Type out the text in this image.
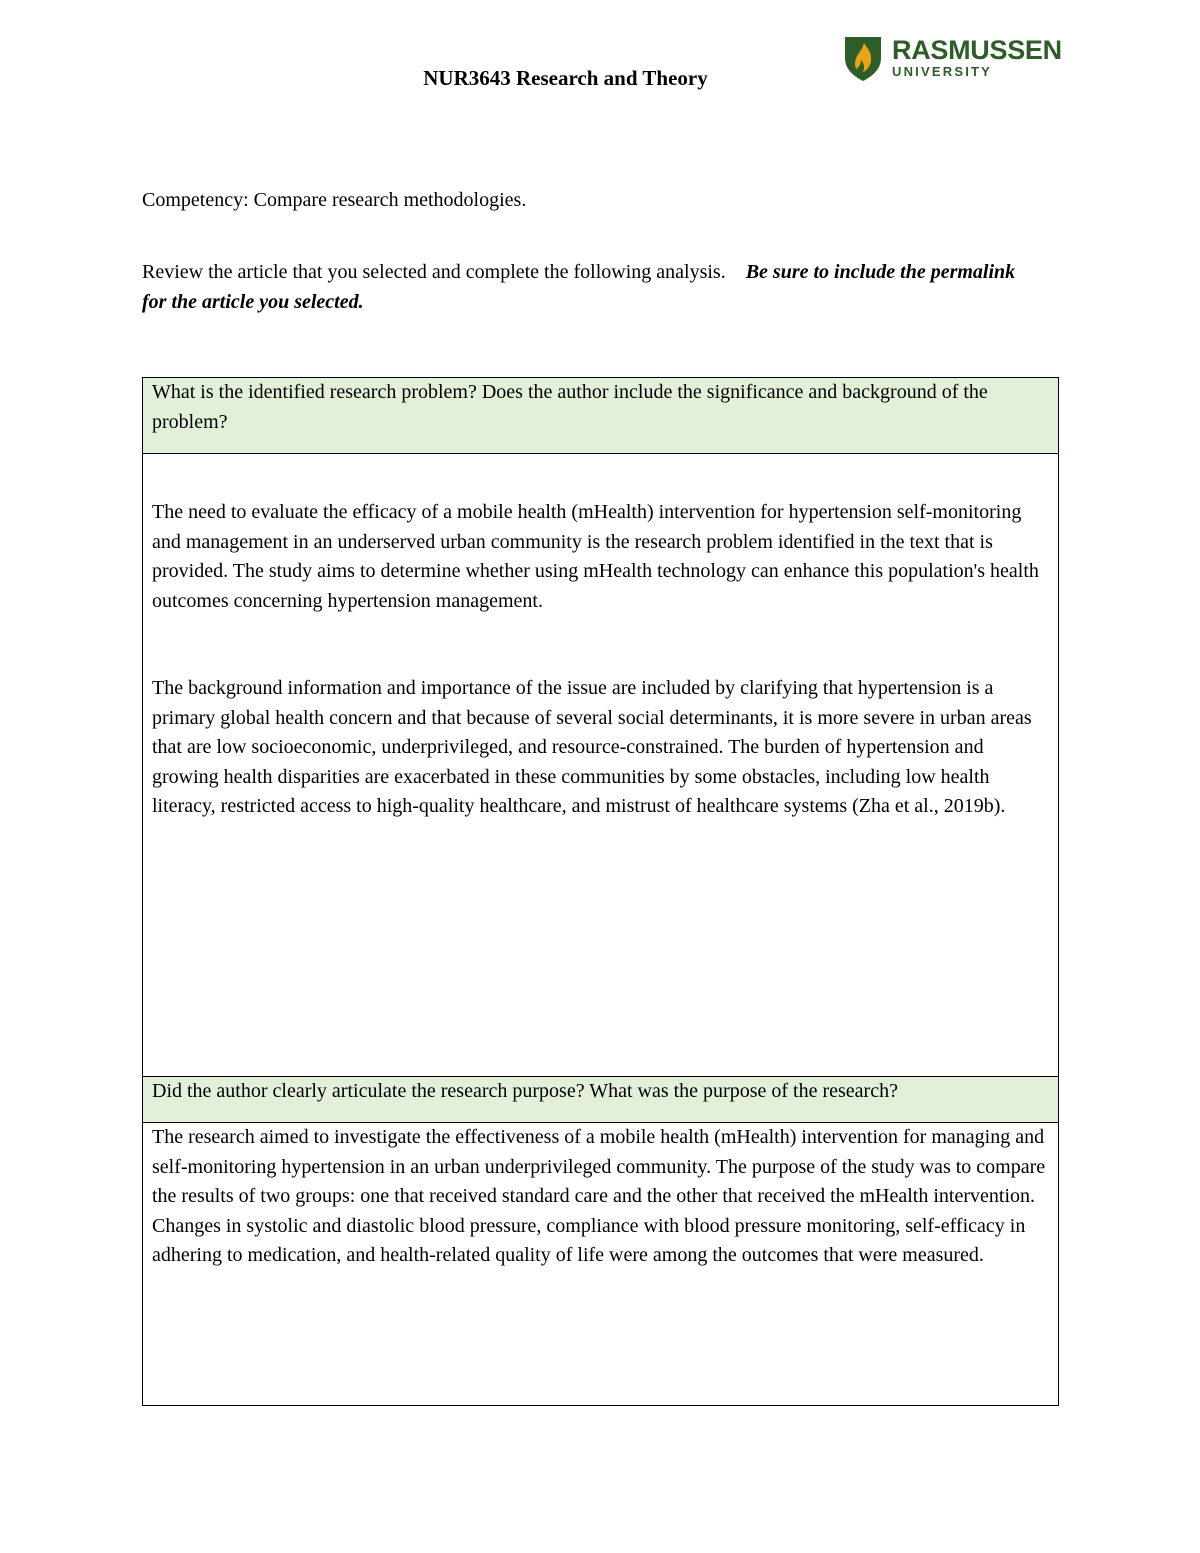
NUR3643 Research and Theory
RASMUSSEN
UNIVERSITY
Competency: Compare research methodologies.
Review the article that you selected and complete the following analysis. Be sure to include the permalink for the article you selected.
What is the identified research problem? Does the author include the significance and background of the problem?

The need to evaluate the efficacy of a mobile health (mHealth) intervention for hypertension self-monitoring and management in an underserved urban community is the research problem identified in the text that is provided. The study aims to determine whether using mHealth technology can enhance this population's health outcomes concerning hypertension management.

The background information and importance of the issue are included by clarifying that hypertension is a primary global health concern and that because of several social determinants, it is more severe in urban areas that are low socioeconomic, underprivileged, and resource-constrained. The burden of hypertension and growing health disparities are exacerbated in these communities by some obstacles, including low health literacy, restricted access to high-quality healthcare, and mistrust of healthcare systems (Zha et al., 2019b).

Did the author clearly articulate the research purpose? What was the purpose of the research?

The research aimed to investigate the effectiveness of a mobile health (mHealth) intervention for managing and self-monitoring hypertension in an urban underprivileged community. The purpose of the study was to compare the results of two groups: one that received standard care and the other that received the mHealth intervention. Changes in systolic and diastolic blood pressure, compliance with blood pressure monitoring, self-efficacy in adhering to medication, and health-related quality of life were among the outcomes that were measured.
